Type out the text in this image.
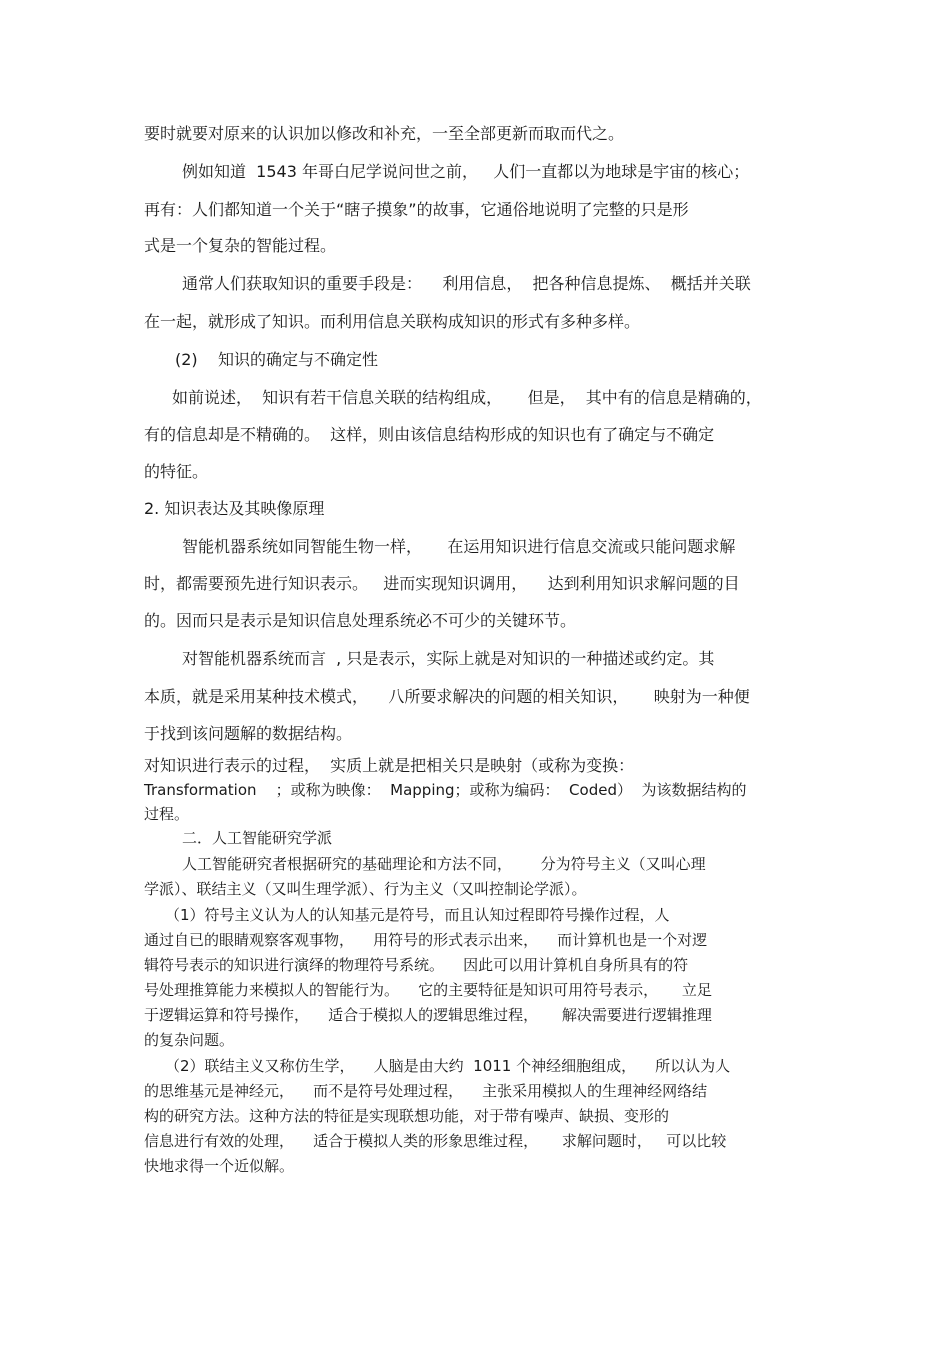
要时就要对原来的认识加以修改和补充，一至全部更新而取而代之。
例如知道  1543 年哥白尼学说问世之前，   人们一直都以为地球是宇宙的核心；
再有：人们都知道一个关于“瞎子摸象”的故事，它通俗地说明了完整的只是形
式是一个复杂的智能过程。
通常人们获取知识的重要手段是：    利用信息，  把各种信息提炼、  概括并关联
在一起，就形成了知识。而利用信息关联构成知识的形式有多种多样。
(2)    知识的确定与不确定性
如前说述，  知识有若干信息关联的结构组成，     但是，  其中有的信息是精确的，
有的信息却是不精确的。  这样，则由该信息结构形成的知识也有了确定与不确定
的特征。
2. 知识表达及其映像原理
智能机器系统如同智能生物一样，     在运用知识进行信息交流或只能问题求解
时，都需要预先进行知识表示。   进而实现知识调用，    达到利用知识求解问题的目
的。因而只是表示是知识信息处理系统必不可少的关键环节。
对智能机器系统而言  , 只是表示，实际上就是对知识的一种描述或约定。其
本质，就是采用某种技术模式，    八所要求解决的问题的相关知识，     映射为一种便
于找到该问题解的数据结构。
对知识进行表示的过程，  实质上就是把相关只是映射（或称为变换：
Transformation    ；或称为映像：  Mapping；或称为编码：  Coded）  为该数据结构的
过程。
二．人工智能研究学派
人工智能研究者根据研究的基础理论和方法不同，      分为符号主义（又叫心理
学派）、联结主义（又叫生理学派）、行为主义（又叫控制论学派）。
（1）符号主义认为人的认知基元是符号，而且认知过程即符号操作过程，人
通过自已的眼睛观察客观事物，    用符号的形式表示出来，    而计算机也是一个对逻
辑符号表示的知识进行演绎的物理符号系统。    因此可以用计算机自身所具有的符
号处理推算能力来模拟人的智能行为。    它的主要特征是知识可用符号表示，     立足
于逻辑运算和符号操作，    适合于模拟人的逻辑思维过程，     解决需要进行逻辑推理
的复杂问题。
（2）联结主义又称仿生学，    人脑是由大约  1011 个神经细胞组成，    所以认为人
的思维基元是神经元，    而不是符号处理过程，    主张采用模拟人的生理神经网络结
构的研究方法。这种方法的特征是实现联想功能，对于带有噪声、缺损、变形的
信息进行有效的处理，    适合于模拟人类的形象思维过程，     求解问题时，   可以比较
快地求得一个近似解。
